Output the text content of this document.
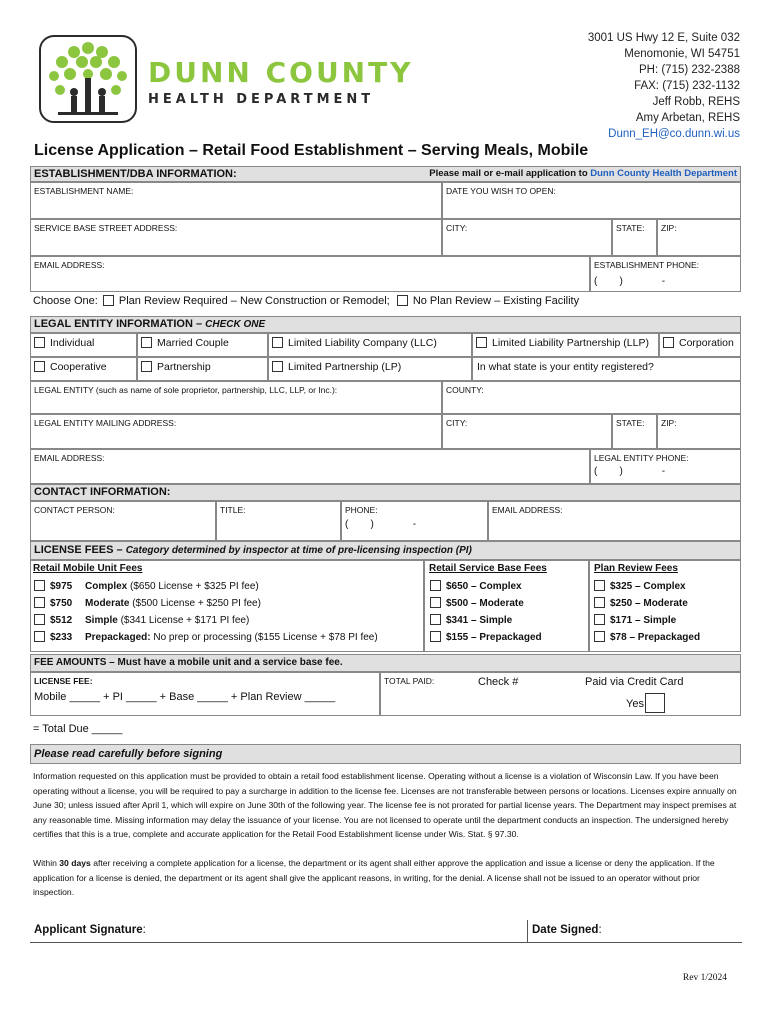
DUNN COUNTY
HEALTH DEPARTMENT
3001 US Hwy 12 E, Suite 032
Menomonie, WI 54751
PH: (715) 232-2388
FAX: (715) 232-1132
Jeff Robb, REHS
Amy Arbetan, REHS
Dunn_EH@co.dunn.wi.us
License Application – Retail Food Establishment – Serving Meals, Mobile
ESTABLISHMENT/DBA INFORMATION:	Please mail or e-mail application to Dunn County Health Department
ESTABLISHMENT NAME:	DATE YOU WISH TO OPEN:
SERVICE BASE STREET ADDRESS:	CITY:	STATE:	ZIP:
EMAIL ADDRESS:	ESTABLISHMENT PHONE:
(        )              -
Choose One: Plan Review Required – New Construction or Remodel; No Plan Review – Existing Facility
LEGAL ENTITY INFORMATION – CHECK ONE
Individual	Married Couple	Limited Liability Company (LLC)	Limited Liability Partnership (LLP)	Corporation
Cooperative	Partnership	Limited Partnership (LP)	In what state is your entity registered?
LEGAL ENTITY (such as name of sole proprietor, partnership, LLC, LLP, or Inc.):	COUNTY:
LEGAL ENTITY MAILING ADDRESS:	CITY:	STATE:	ZIP:
EMAIL ADDRESS:	LEGAL ENTITY PHONE:
(        )              -
CONTACT INFORMATION:
CONTACT PERSON:	TITLE:	PHONE:
(        )              -
EMAIL ADDRESS:
LICENSE FEES – Category determined by inspector at time of pre-licensing inspection (PI)
Retail Mobile Unit Fees
$975 Complex ($650 License + $325 PI fee)
$750 Moderate ($500 License + $250 PI fee)
$512 Simple ($341 License + $171 PI fee)
$233 Prepackaged: No prep or processing ($155 License + $78 PI fee)
Retail Service Base Fees
$650 – Complex
$500 – Moderate
$341 – Simple
$155 – Prepackaged
Plan Review Fees
$325 – Complex
$250 – Moderate
$171 – Simple
$78 – Prepackaged
FEE AMOUNTS – Must have a mobile unit and a service base fee.
LICENSE FEE:
Mobile _____ + PI _____ + Base _____ + Plan Review _____
TOTAL PAID:	Check #	Paid via Credit Card
Yes
= Total Due _____
Please read carefully before signing
Information requested on this application must be provided to obtain a retail food establishment license. Operating without a license is a violation of Wisconsin Law. If you have been operating without a license, you will be required to pay a surcharge in addition to the license fee. Licenses are not transferable between persons or locations. Licenses expire annually on June 30; unless issued after April 1, which will expire on June 30th of the following year. The license fee is not prorated for partial license years. The Department may inspect premises at any reasonable time. Missing information may delay the issuance of your license. You are not licensed to operate until the department conducts an inspection. The undersigned hereby certifies that this is a true, complete and accurate application for the Retail Food Establishment license under Wis. Stat. § 97.30.
Within 30 days after receiving a complete application for a license, the department or its agent shall either approve the application and issue a license or deny the application. If the application for a license is denied, the department or its agent shall give the applicant reasons, in writing, for the denial. A license shall not be issued to an operator without prior inspection.
Applicant Signature:	Date Signed:
Rev 1/2024
